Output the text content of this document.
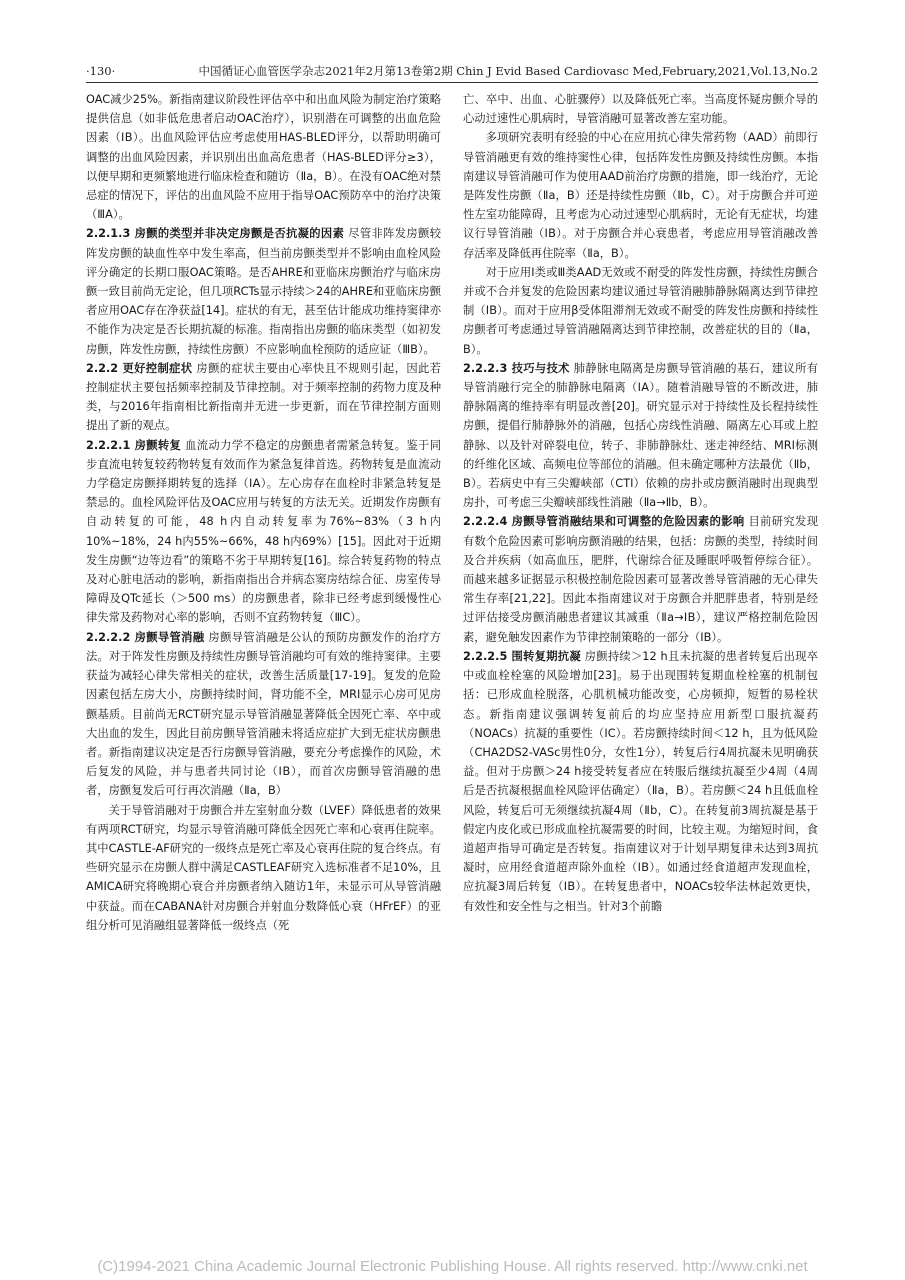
·130·	中国循证心血管医学杂志2021年2月第13卷第2期 Chin J Evid Based Cardiovasc Med,February,2021,Vol.13,No.2

OAC减少25%。新指南建议阶段性评估卒中和出血风险为制定治疗策略提供信息（如非低危患者启动OAC治疗），识别潜在可调整的出血危险因素（ⅠB）。出血风险评估应考虑使用HAS-BLED评分，以帮助明确可调整的出血风险因素，并识别出出血高危患者（HAS-BLED评分≥3），以便早期和更频繁地进行临床检查和随访（Ⅱa，B）。在没有OAC绝对禁忌症的情况下，评估的出血风险不应用于指导OAC预防卒中的治疗决策（ⅢA）。

2.2.1.3 房颤的类型并非决定房颤是否抗凝的因素 尽管非阵发房颤较阵发房颤的缺血性卒中发生率高，但当前房颤类型并不影响由血栓风险评分确定的长期口服OAC策略。是否AHRE和亚临床房颤治疗与临床房颤一致目前尚无定论，但几项RCTs显示持续＞24的AHRE和亚临床房颤者应用OAC存在净获益[14]。症状的有无，甚至估计能成功维持窦律亦不能作为决定是否长期抗凝的标准。指南指出房颤的临床类型（如初发房颤，阵发性房颤，持续性房颤）不应影响血栓预防的适应证（ⅢB）。

2.2.2 更好控制症状 房颤的症状主要由心率快且不规则引起，因此若控制症状主要包括频率控制及节律控制。对于频率控制的药物力度及种类，与2016年指南相比新指南并无进一步更新，而在节律控制方面则提出了新的观点。

2.2.2.1 房颤转复 血流动力学不稳定的房颤患者需紧急转复。鉴于同步直流电转复较药物转复有效而作为紧急复律首选。药物转复是血流动力学稳定房颤择期转复的选择（ⅠA）。左心房存在血栓时非紧急转复是禁忌的。血栓风险评估及OAC应用与转复的方法无关。近期发作房颤有自动转复的可能，48 h内自动转复率为76%~83%（3 h内10%~18%，24 h内55%~66%，48 h内69%）[15]。因此对于近期发生房颤“边等边看”的策略不劣于早期转复[16]。综合转复药物的特点及对心脏电活动的影响，新指南指出合并病态窦房结综合征、房室传导障碍及QTc延长（＞500 ms）的房颤患者，除非已经考虑到缓慢性心律失常及药物对心率的影响，否则不宜药物转复（ⅢC）。

2.2.2.2 房颤导管消融 房颤导管消融是公认的预防房颤发作的治疗方法。对于阵发性房颤及持续性房颤导管消融均可有效的维持窦律。主要获益为减轻心律失常相关的症状，改善生活质量[17-19]。复发的危险因素包括左房大小，房颤持续时间，肾功能不全，MRI显示心房可见房颤基质。目前尚无RCT研究显示导管消融显著降低全因死亡率、卒中或大出血的发生，因此目前房颤导管消融未将适应症扩大到无症状房颤患者。新指南建议决定是否行房颤导管消融，要充分考虑操作的风险，术后复发的风险，并与患者共同讨论（ⅠB），而首次房颤导管消融的患者，房颤复发后可行再次消融（Ⅱa，B）

关于导管消融对于房颤合并左室射血分数（LVEF）降低患者的效果有两项RCT研究，均显示导管消融可降低全因死亡率和心衰再住院率。其中CASTLE-AF研究的一级终点是死亡率及心衰再住院的复合终点。有些研究显示在房颤人群中满足CASTLEAF研究入选标准者不足10%，且AMICA研究将晚期心衰合并房颤者纳入随访1年，未显示可从导管消融中获益。而在CABANA针对房颤合并射血分数降低心衰（HFrEF）的亚组分析可见消融组显著降低一级终点（死

亡、卒中、出血、心脏骤停）以及降低死亡率。当高度怀疑房颤介导的心动过速性心肌病时，导管消融可显著改善左室功能。

多项研究表明有经验的中心在应用抗心律失常药物（AAD）前即行导管消融更有效的维持窦性心律，包括阵发性房颤及持续性房颤。本指南建议导管消融可作为使用AAD前治疗房颤的措施，即一线治疗，无论是阵发性房颤（Ⅱa，B）还是持续性房颤（Ⅱb，C）。对于房颤合并可逆性左室功能障碍，且考虑为心动过速型心肌病时，无论有无症状，均建议行导管消融（ⅠB）。对于房颤合并心衰患者，考虑应用导管消融改善存活率及降低再住院率（Ⅱa，B）。

对于应用Ⅰ类或Ⅲ类AAD无效或不耐受的阵发性房颤，持续性房颤合并或不合并复发的危险因素均建议通过导管消融肺静脉隔离达到节律控制（ⅠB）。而对于应用β受体阻滞剂无效或不耐受的阵发性房颤和持续性房颤者可考虑通过导管消融隔离达到节律控制，改善症状的目的（Ⅱa，B）。

2.2.2.3 技巧与技术 肺静脉电隔离是房颤导管消融的基石，建议所有导管消融行完全的肺静脉电隔离（ⅠA）。随着消融导管的不断改进，肺静脉隔离的维持率有明显改善[20]。研究显示对于持续性及长程持续性房颤，提倡行肺静脉外的消融，包括心房线性消融、隔离左心耳或上腔静脉、以及针对碎裂电位，转子、非肺静脉灶、迷走神经结、MRI标测的纤维化区域、高频电位等部位的消融。但未确定哪种方法最优（Ⅱb，B）。若病史中有三尖瓣峡部（CTI）依赖的房扑或房颤消融时出现典型房扑，可考虑三尖瓣峡部线性消融（Ⅱa→Ⅱb，B）。

2.2.2.4 房颤导管消融结果和可调整的危险因素的影响 目前研究发现有数个危险因素可影响房颤消融的结果，包括：房颤的类型，持续时间及合并疾病（如高血压，肥胖，代谢综合征及睡眠呼吸暂停综合征）。而越来越多证据显示积极控制危险因素可显著改善导管消融的无心律失常生存率[21,22]。因此本指南建议对于房颤合并肥胖患者，特别是经过评估接受房颤消融患者建议其减重（Ⅱa→ⅠB），建议严格控制危险因素，避免触发因素作为节律控制策略的一部分（ⅠB）。

2.2.2.5 围转复期抗凝 房颤持续＞12 h且未抗凝的患者转复后出现卒中或血栓栓塞的风险增加[23]。易于出现围转复期血栓栓塞的机制包括：已形成血栓脱落，心肌机械功能改变，心房顿抑，短暂的易栓状态。新指南建议强调转复前后的均应坚持应用新型口服抗凝药（NOACs）抗凝的重要性（ⅠC）。若房颤持续时间＜12 h，且为低风险（CHA2DS2-VASc男性0分，女性1分），转复后行4周抗凝未见明确获益。但对于房颤＞24 h接受转复者应在转服后继续抗凝至少4周（4周后是否抗凝根据血栓风险评估确定）（Ⅱa，B）。若房颤＜24 h且低血栓风险，转复后可无须继续抗凝4周（Ⅱb，C）。在转复前3周抗凝是基于假定内皮化或已形成血栓抗凝需要的时间，比较主观。为缩短时间，食道超声指导可确定是否转复。指南建议对于计划早期复律未达到3周抗凝时，应用经食道超声除外血栓（ⅠB）。如通过经食道超声发现血栓，应抗凝3周后转复（ⅠB）。在转复患者中，NOACs较华法林起效更快，有效性和安全性与之相当。针对3个前瞻

(C)1994-2021 China Academic Journal Electronic Publishing House. All rights reserved. http://www.cnki.net
